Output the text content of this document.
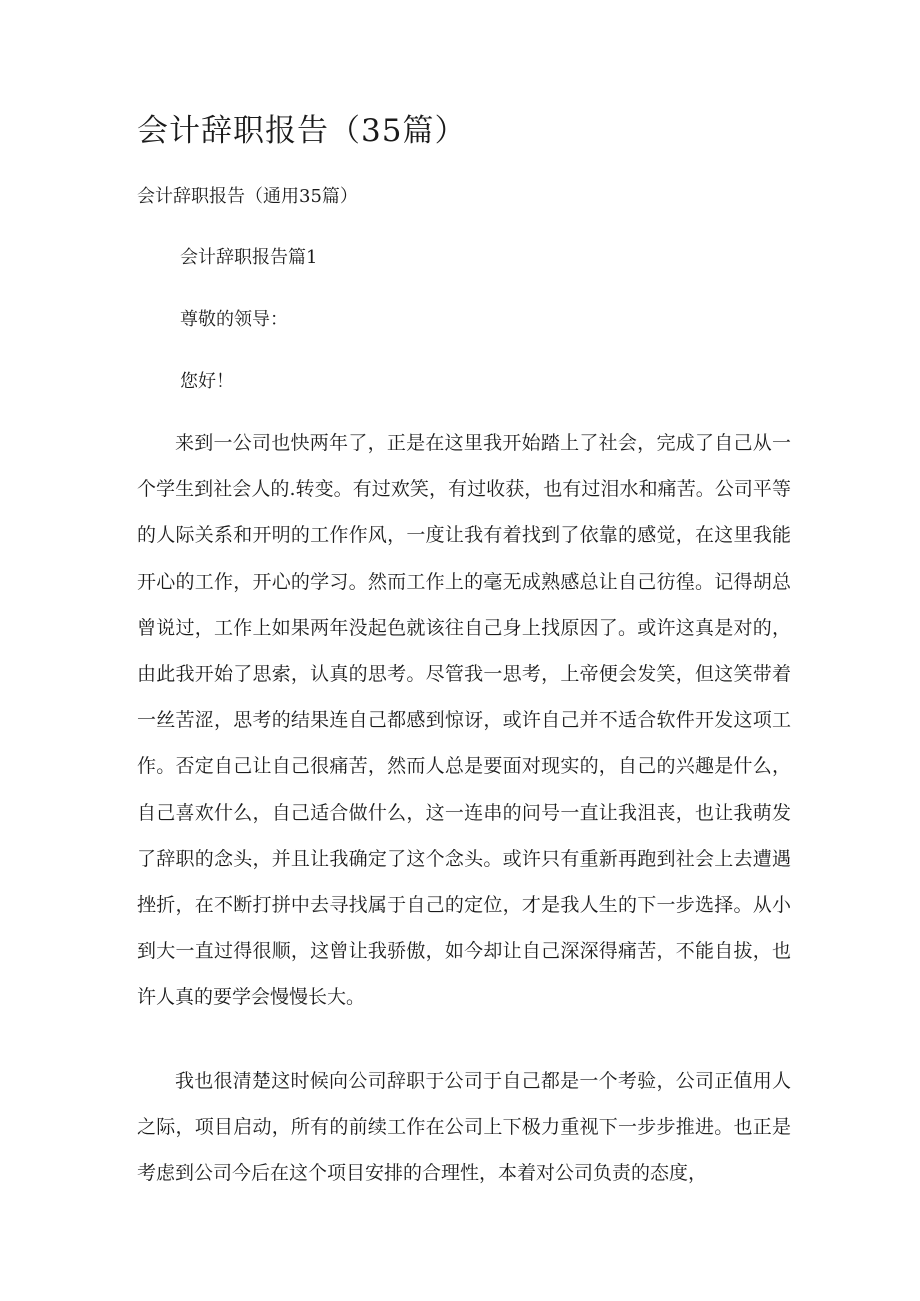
会计辞职报告（35篇）

会计辞职报告（通用35篇）

会计辞职报告篇1

尊敬的领导：

您好！

来到一公司也快两年了，正是在这里我开始踏上了社会，完成了自己从一个学生到社会人的.转变。有过欢笑，有过收获，也有过泪水和痛苦。公司平等的人际关系和开明的工作作风，一度让我有着找到了依靠的感觉，在这里我能开心的工作，开心的学习。然而工作上的毫无成熟感总让自己彷徨。记得胡总曾说过，工作上如果两年没起色就该往自己身上找原因了。或许这真是对的，由此我开始了思索，认真的思考。尽管我一思考，上帝便会发笑，但这笑带着一丝苦涩，思考的结果连自己都感到惊讶，或许自己并不适合软件开发这项工作。否定自己让自己很痛苦，然而人总是要面对现实的，自己的兴趣是什么，自己喜欢什么，自己适合做什么，这一连串的问号一直让我沮丧，也让我萌发了辞职的念头，并且让我确定了这个念头。或许只有重新再跑到社会上去遭遇挫折，在不断打拼中去寻找属于自己的定位，才是我人生的下一步选择。从小到大一直过得很顺，这曾让我骄傲，如今却让自己深深得痛苦，不能自拔，也许人真的要学会慢慢长大。

我也很清楚这时候向公司辞职于公司于自己都是一个考验，公司正值用人之际，项目启动，所有的前续工作在公司上下极力重视下一步步推进。也正是考虑到公司今后在这个项目安排的合理性，本着对公司负责的态度，
